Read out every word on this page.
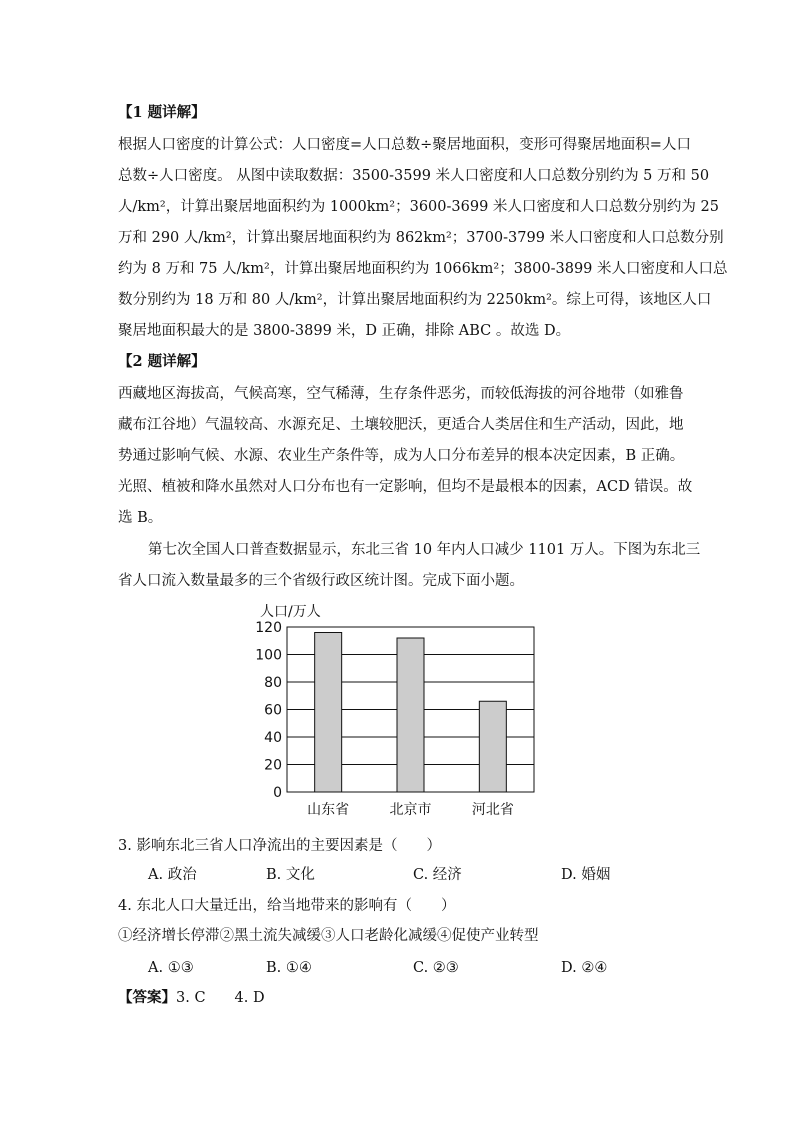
【1 题详解】
根据人口密度的计算公式：人口密度=人口总数÷聚居地面积，变形可得聚居地面积=人口
总数÷人口密度。 从图中读取数据：3500-3599 米人口密度和人口总数分别约为 5 万和 50
人/km²，计算出聚居地面积约为 1000km²；3600-3699 米人口密度和人口总数分别约为 25
万和 290 人/km²，计算出聚居地面积约为 862km²；3700-3799 米人口密度和人口总数分别
约为 8 万和 75 人/km²，计算出聚居地面积约为 1066km²；3800-3899 米人口密度和人口总
数分别约为 18 万和 80 人/km²，计算出聚居地面积约为 2250km²。综上可得，该地区人口
聚居地面积最大的是 3800-3899 米，D 正确，排除 ABC 。故选 D。
【2 题详解】
西藏地区海拔高，气候高寒，空气稀薄，生存条件恶劣，而较低海拔的河谷地带（如雅鲁
藏布江谷地）气温较高、水源充足、土壤较肥沃，更适合人类居住和生产活动，因此，地
势通过影响气候、水源、农业生产条件等，成为人口分布差异的根本决定因素，B 正确。
光照、植被和降水虽然对人口分布也有一定影响，但均不是最根本的因素，ACD 错误。故
选 B。
第七次全国人口普查数据显示，东北三省 10 年内人口减少 1101 万人。下图为东北三
省人口流入数量最多的三个省级行政区统计图。完成下面小题。
人口/万人
0
20
40
60
80
100
120
山东省	北京市	河北省
3. 影响东北三省人口净流出的主要因素是（　　）
A. 政治	B. 文化	C. 经济	D. 婚姻
4. 东北人口大量迁出，给当地带来的影响有（　　）
①经济增长停滞②黑土流失减缓③人口老龄化减缓④促使产业转型
A. ①③	B. ①④	C. ②③	D. ②④
【答案】3. C　　4. D
